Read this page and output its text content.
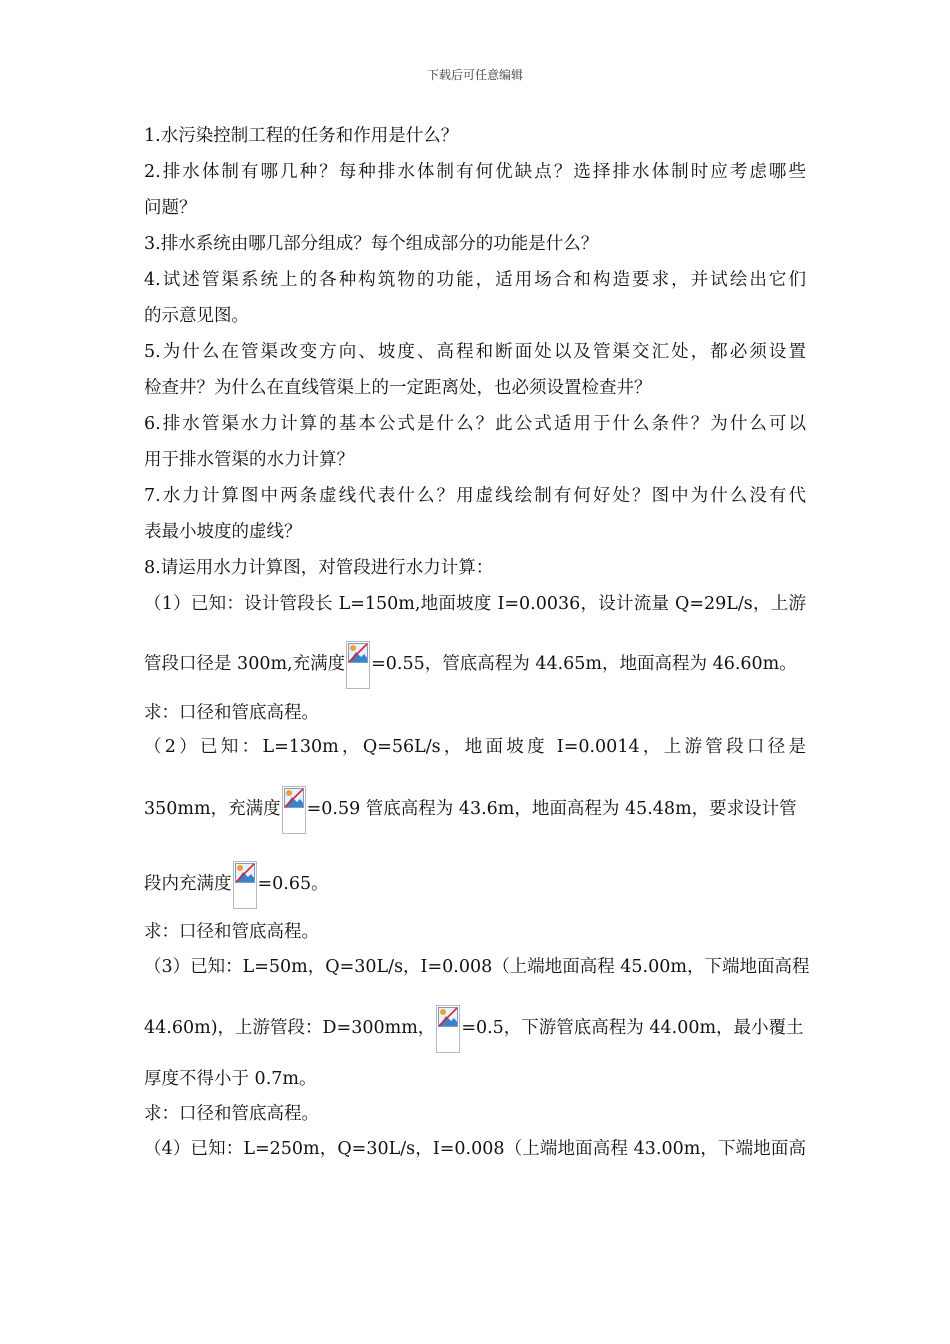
下载后可任意编辑
1.水污染控制工程的任务和作用是什么？
2.排水体制有哪几种？每种排水体制有何优缺点？选择排水体制时应考虑哪些
问题？
3.排水系统由哪几部分组成？每个组成部分的功能是什么？
4.试述管渠系统上的各种构筑物的功能，适用场合和构造要求，并试绘出它们
的示意见图。
5.为什么在管渠改变方向、坡度、高程和断面处以及管渠交汇处，都必须设置
检查井？为什么在直线管渠上的一定距离处，也必须设置检查井？
6.排水管渠水力计算的基本公式是什么？此公式适用于什么条件？为什么可以
用于排水管渠的水力计算？
7.水力计算图中两条虚线代表什么？用虚线绘制有何好处？图中为什么没有代
表最小坡度的虚线？
8.请运用水力计算图，对管段进行水力计算：
（1）已知：设计管段长 L=150m,地面坡度 I=0.0036，设计流量 Q=29L/s，上游
管段口径是 300m,充满度 =0.55，管底高程为 44.65m，地面高程为 46.60m。
求：口径和管底高程。
（2）已知：L=130m，Q=56L/s，地面坡度 I=0.0014，上游管段口径是
350mm，充满度 =0.59 管底高程为 43.6m，地面高程为 45.48m，要求设计管
段内充满度 =0.65。
求：口径和管底高程。
（3）已知：L=50m，Q=30L/s，I=0.008（上端地面高程 45.00m，下端地面高程
44.60m)，上游管段：D=300mm， =0.5，下游管底高程为 44.00m，最小覆土
厚度不得小于 0.7m。
求：口径和管底高程。
（4）已知：L=250m，Q=30L/s，I=0.008（上端地面高程 43.00m，下端地面高
